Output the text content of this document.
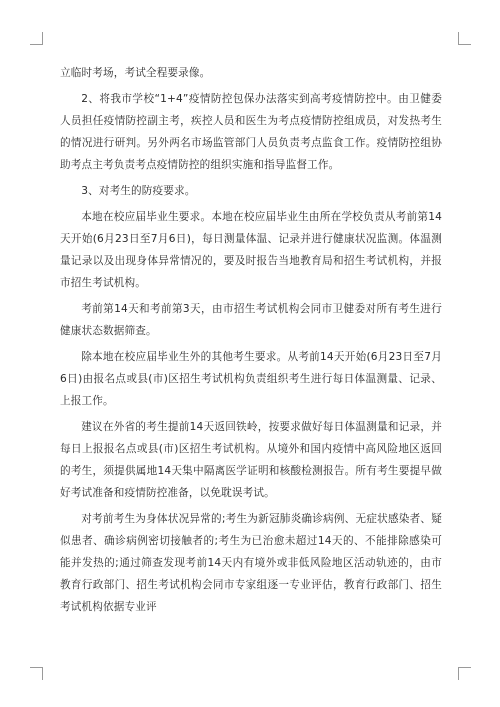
立临时考场，考试全程要录像。

2、将我市学校“1+4”疫情防控包保办法落实到高考疫情防控中。由卫健委人员担任疫情防控副主考，疾控人员和医生为考点疫情防控组成员，对发热考生的情况进行研判。另外两名市场监管部门人员负责考点监食工作。疫情防控组协助考点主考负责考点疫情防控的组织实施和指导监督工作。

3、对考生的防疫要求。

本地在校应届毕业生要求。本地在校应届毕业生由所在学校负责从考前第14天开始(6月23日至7月6日)，每日测量体温、记录并进行健康状况监测。体温测量记录以及出现身体异常情况的，要及时报告当地教育局和招生考试机构，并报市招生考试机构。

考前第14天和考前第3天，由市招生考试机构会同市卫健委对所有考生进行健康状态数据筛查。

除本地在校应届毕业生外的其他考生要求。从考前14天开始(6月23日至7月6日)由报名点或县(市)区招生考试机构负责组织考生进行每日体温测量、记录、上报工作。

建议在外省的考生提前14天返回铁岭，按要求做好每日体温测量和记录，并每日上报报名点或县(市)区招生考试机构。从境外和国内疫情中高风险地区返回的考生，须提供属地14天集中隔离医学证明和核酸检测报告。所有考生要提早做好考试准备和疫情防控准备，以免耽误考试。

对考前考生为身体状况异常的;考生为新冠肺炎确诊病例、无症状感染者、疑似患者、确诊病例密切接触者的;考生为已治愈未超过14天的、不能排除感染可能并发热的;通过筛查发现考前14天内有境外或非低风险地区活动轨迹的，由市教育行政部门、招生考试机构会同市专家组逐一专业评估，教育行政部门、招生考试机构依据专业评
